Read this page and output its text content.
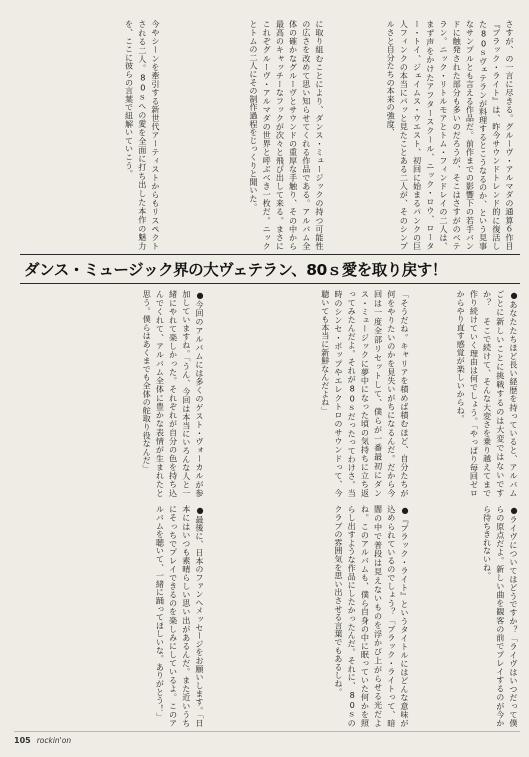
さすが、の一言に尽きる。グルーヴ・アルマダの通算６作目『ブラック・ライト』は、昨今サウンドトレンド的に復活した80ｓヴェテランが料理するとこうなるのか、という見事なサンプルとも言える作品だ。前作までの影響下の若手バンドに触発された部分も多いのだろうが、そこはさすがのベテラン。ニック・リトルモアとトム・フィンドレイの二人は、まず声をかけたアフタースクール、ニック・ロウ、ローター・トイ、ジェイムス・ウエスト、初回に始まるパンクの巨人フィンクの本当にパッと見たことある二人が、そのシンプルさと自分たちの本来の強度、
に取り組むことにより、ダンス・ミュージックの持つ可能性の広さを改めて思い知らせてくれる作品である。アルバム全体の確かなグルーヴとサウンドの重厚な手触り、その中から最高のキャッチーなフックが次々と飛び出して来る。まさにこれぞグルーヴ・アルマダの世界と呼ぶべき一枚だ。ニックとトムの二人にその制作過程をじっくりと聞いた。
今やシーンを牽引する新世代アーティストからもリスペクトされる二人。80ｓへの愛を全面に打ち出した本作の魅力を、ここに彼らの言葉で紐解いていこう。
ダンス・ミュージック界の大ヴェテラン、80ｓ愛を取り戻す！
●あなたたちほど長い経歴を持っていると、アルバムごとに新しいことに挑戦するのは大変ではないですか？ そこで続けて、そんな大変さを乗り越えてまで作り続けていく理由は何でしょう。「やっぱり毎回ゼロからやり直す感覚が楽しいからね。
「そうだね。キャリアを積めば積むほど、自分たちが何をやりたいのかを見失いがちになるんだ。だから今回は一度全部リセットして、僕らが一番最初にダンス・ミュージックに夢中になった頃の気持ちに立ち返ってみたんだよ。それが80ｓだったってわけさ。当時のシンセ・ポップやエレクトロのサウンドって、今聴いても本当に新鮮なんだよね」
●今回のアルバムには多くのゲスト・ヴォーカルが参加していますね。「うん、今回は本当にいろんな人と一緒にやれて楽しかった。それぞれが自分の色を持ち込んでくれて、アルバム全体に豊かな表情が生まれたと思う。僕らはあくまでも全体の舵取り役なんだ」
●ライヴについてはどうですか？「ライヴはいつだって僕らの原点だよ。新しい曲を観客の前でプレイするのが今から待ちきれないね。
●『ブラック・ライト』というタイトルにはどんな意味が込められているのでしょう？「ブラック・ライトって、暗闇の中で普段は見えないものを浮かび上がらせる光だよね。このアルバムも、僕ら自身の中に眠っていた何かを照らし出すような作品にしたかったんだ。それに、80ｓのクラブの雰囲気を思い出させる言葉でもあるしね。
●最後に、日本のファンへメッセージをお願いします。「日本にはいつも素晴らしい思い出があるんだ。また近いうちにそっちでプレイできるのを楽しみにしているよ。このアルバムを聴いて、一緒に踊ってほしいな。ありがとう！」
105 rockin'on
